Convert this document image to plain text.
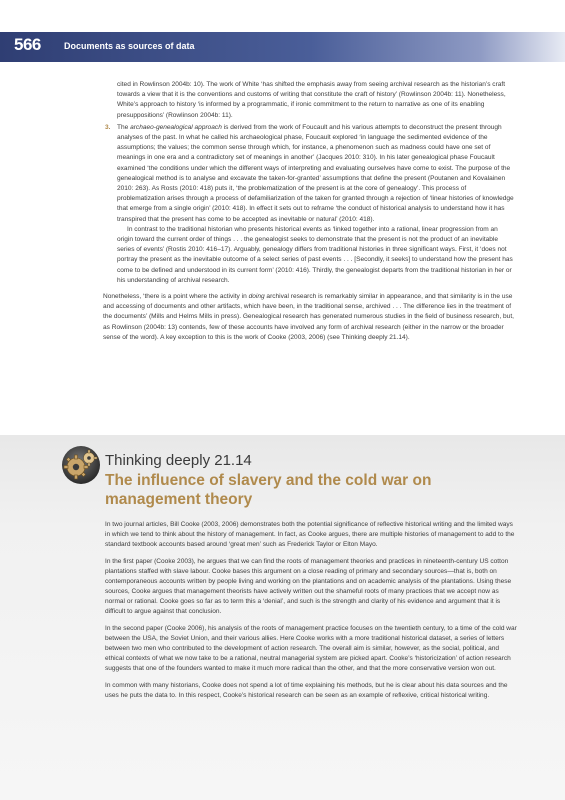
566	Documents as sources of data

cited in Rowlinson 2004b: 10). The work of White ‘has shifted the emphasis away from seeing archival research as the historian’s craft towards a view that it is the conventions and customs of writing that constitute the craft of history’ (Rowlinson 2004b: 11). Nonetheless, White’s approach to history ‘is informed by a programmatic, if ironic commitment to the return to narrative as one of its enabling presuppositions’ (Rowlinson 2004b: 11).

3. The archaeo-genealogical approach is derived from the work of Foucault and his various attempts to deconstruct the present through analyses of the past. In what he called his archaeological phase, Foucault explored ‘in language the sedimented evidence of the assumptions; the values; the common sense through which, for instance, a phenomenon such as madness could have one set of meanings in one era and a contradictory set of meanings in another’ (Jacques 2010: 310). In his later genealogical phase Foucault examined ‘the conditions under which the different ways of interpreting and evaluating ourselves have come to exist. The purpose of the genealogical method is to analyse and excavate the taken-for-granted’ assumptions that define the present (Poutanen and Kovalainen 2010: 263). As Rosts (2010: 418) puts it, ‘the problematization of the present is at the core of genealogy’. This process of problematization arises through a process of defamiliarization of the taken for granted through a rejection of ‘linear histories of knowledge that emerge from a single origin’ (2010: 418). In effect it sets out to reframe ‘the conduct of historical analysis to understand how it has transpired that the present has come to be accepted as inevitable or natural’ (2010: 418).

In contrast to the traditional historian who presents historical events as ‘linked together into a rational, linear progression from an origin toward the current order of things . . . the genealogist seeks to demonstrate that the present is not the product of an inevitable series of events’ (Rostis 2010: 416–17). Arguably, genealogy differs from traditional histories in three significant ways. First, it ‘does not portray the present as the inevitable outcome of a select series of past events . . . [Secondly, it seeks] to understand how the present has come to be defined and understood in its current form’ (2010: 416). Thirdly, the genealogist departs from the traditional historian in her or his understanding of archival research.

Nonetheless, ‘there is a point where the activity in doing archival research is remarkably similar in appearance, and that similarity is in the use and accessing of documents and other artifacts, which have been, in the traditional sense, archived . . . The difference lies in the treatment of the documents’ (Mills and Helms Mills in press). Genealogical research has generated numerous studies in the field of business research, but, as Rowlinson (2004b: 13) contends, few of these accounts have involved any form of archival research (either in the narrow or the broader sense of the word). A key exception to this is the work of Cooke (2003, 2006) (see Thinking deeply 21.14).

Thinking deeply 21.14
The influence of slavery and the cold war on management theory

In two journal articles, Bill Cooke (2003, 2006) demonstrates both the potential significance of reflective historical writing and the limited ways in which we tend to think about the history of management. In fact, as Cooke argues, there are multiple histories of management to add to the standard textbook accounts based around ‘great men’ such as Frederick Taylor or Elton Mayo.

In the first paper (Cooke 2003), he argues that we can find the roots of management theories and practices in nineteenth-century US cotton plantations staffed with slave labour. Cooke bases this argument on a close reading of primary and secondary sources—that is, both on contemporaneous accounts written by people living and working on the plantations and on academic analysis of the plantations. Using these sources, Cooke argues that management theorists have actively written out the shameful roots of many practices that we accept now as normal or rational. Cooke goes so far as to term this a ‘denial’, and such is the strength and clarity of his evidence and argument that it is difficult to argue against that conclusion.

In the second paper (Cooke 2006), his analysis of the roots of management practice focuses on the twentieth century, to a time of the cold war between the USA, the Soviet Union, and their various allies. Here Cooke works with a more traditional historical dataset, a series of letters between two men who contributed to the development of action research. The overall aim is similar, however, as the social, political, and ethical contexts of what we now take to be a rational, neutral managerial system are picked apart. Cooke’s ‘historicization’ of action research suggests that one of the founders wanted to make it much more radical than the other, and that the more conservative version won out.

In common with many historians, Cooke does not spend a lot of time explaining his methods, but he is clear about his data sources and the uses he puts the data to. In this respect, Cooke’s historical research can be seen as an example of reflexive, critical historical writing.
